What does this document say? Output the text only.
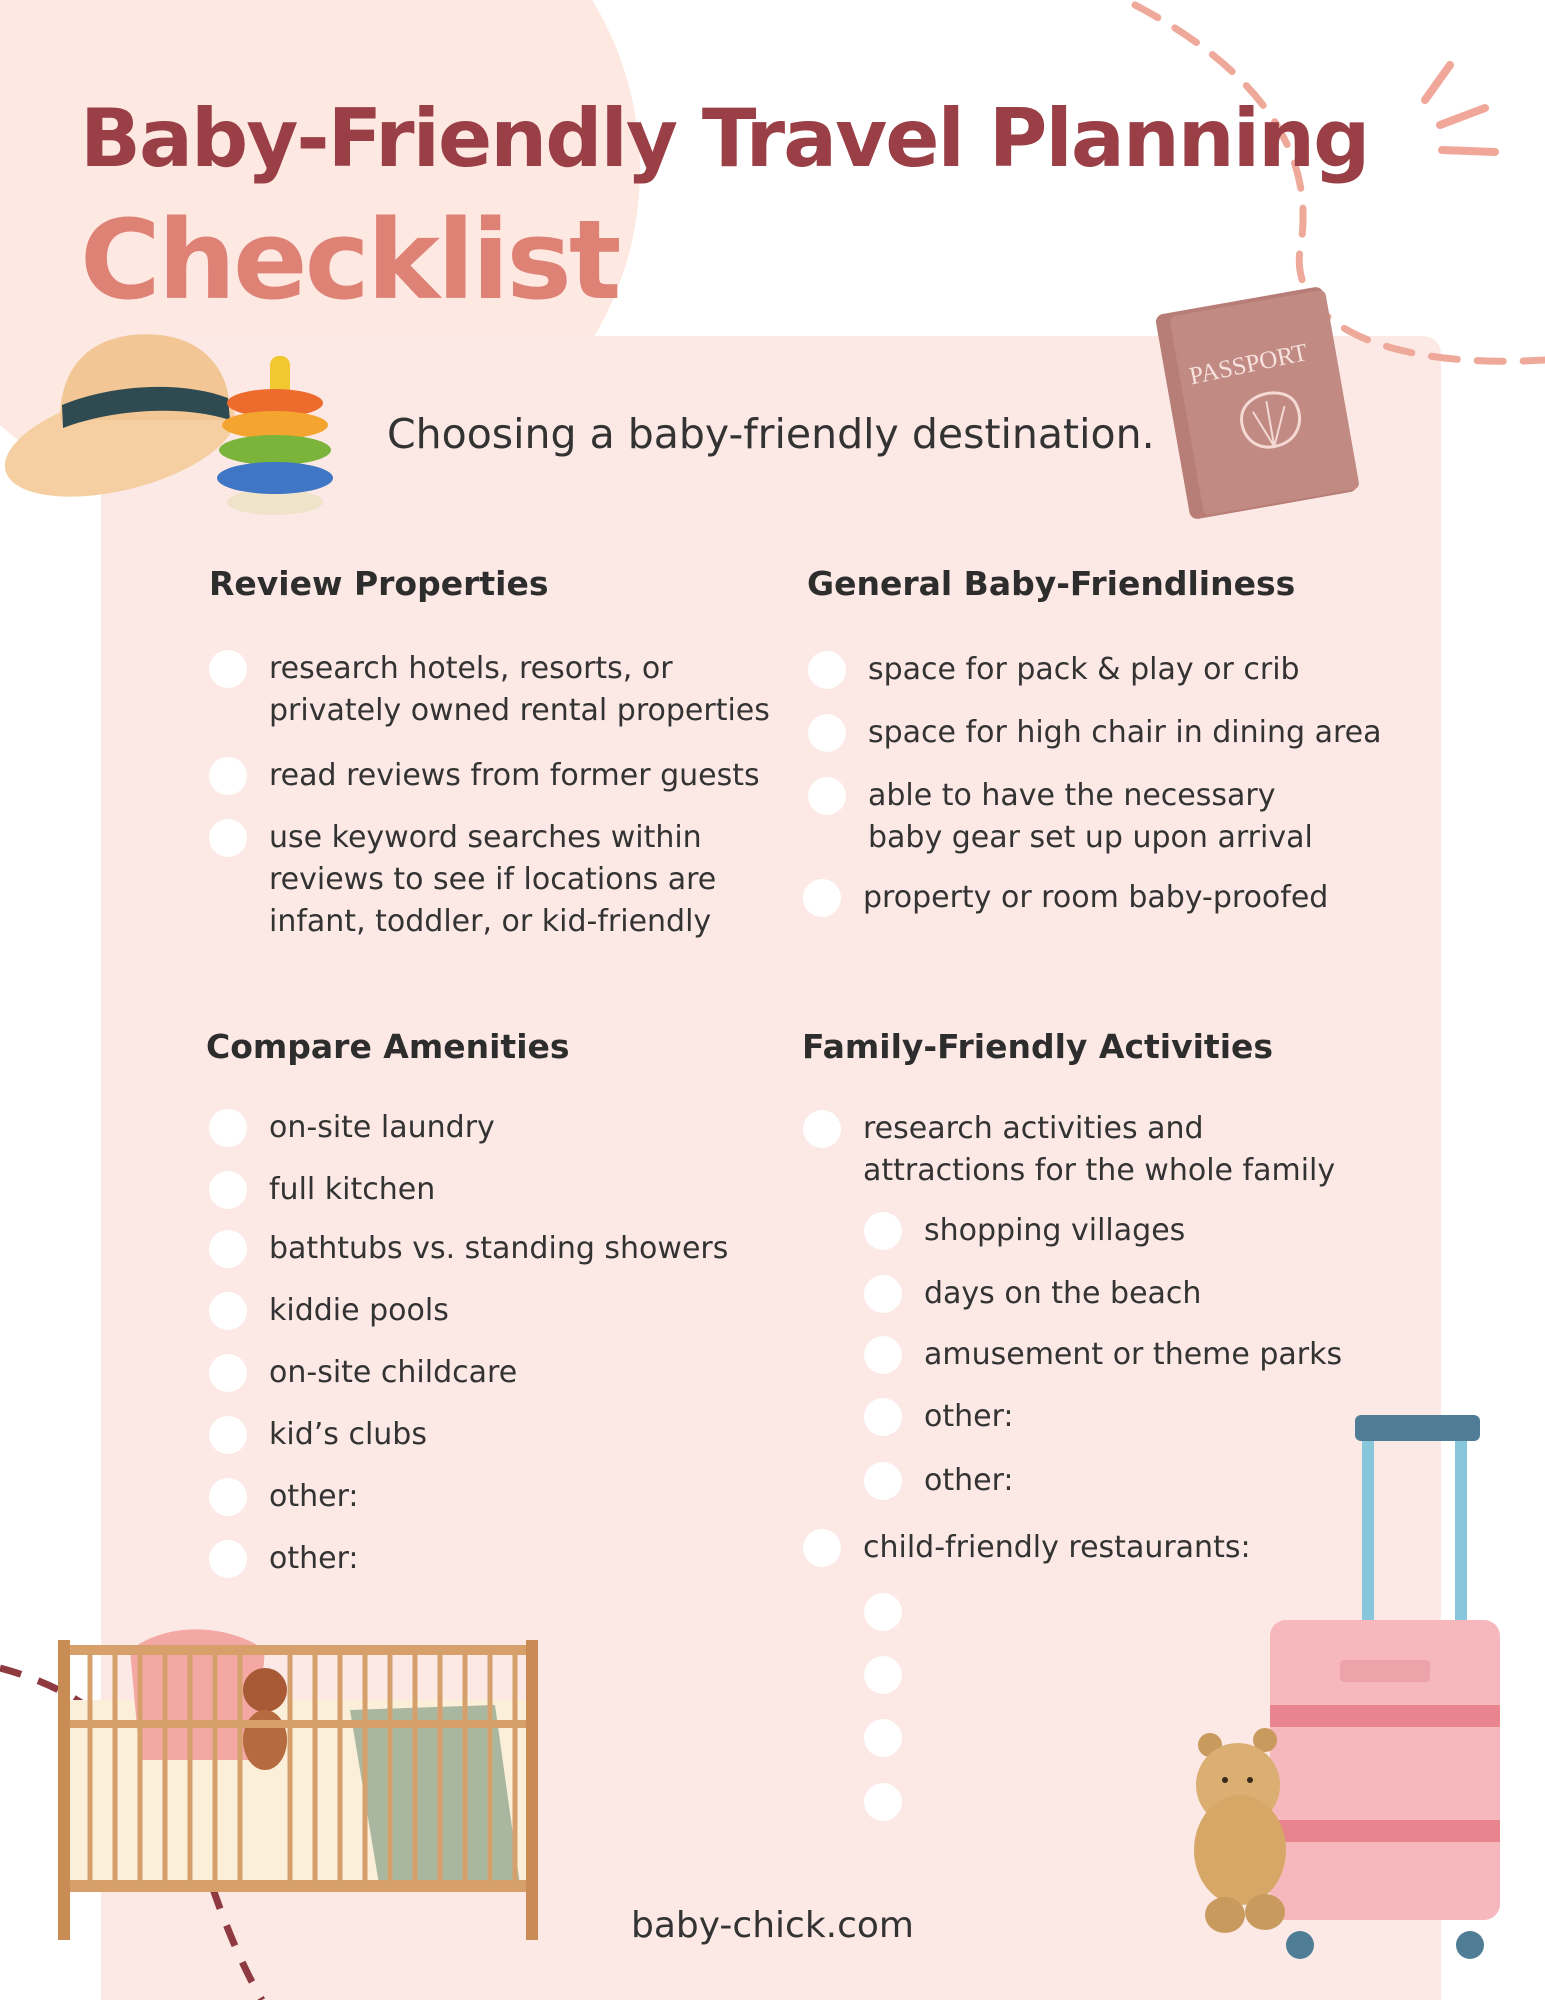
PASSPORT
Baby-Friendly Travel Planning
Checklist
Choosing a baby-friendly destination.
Review Properties
research hotels, resorts, or
privately owned rental properties
read reviews from former guests
use keyword searches within
reviews to see if locations are
infant, toddler, or kid-friendly
General Baby-Friendliness
space for pack & play or crib
space for high chair in dining area
able to have the necessary
baby gear set up upon arrival
property or room baby-proofed
Compare Amenities
on-site laundry
full kitchen
bathtubs vs. standing showers
kiddie pools
on-site childcare
kid’s clubs
other:
other:
Family-Friendly Activities
research activities and
attractions for the whole family
shopping villages
days on the beach
amusement or theme parks
other:
other:
child-friendly restaurants:
baby-chick.com
